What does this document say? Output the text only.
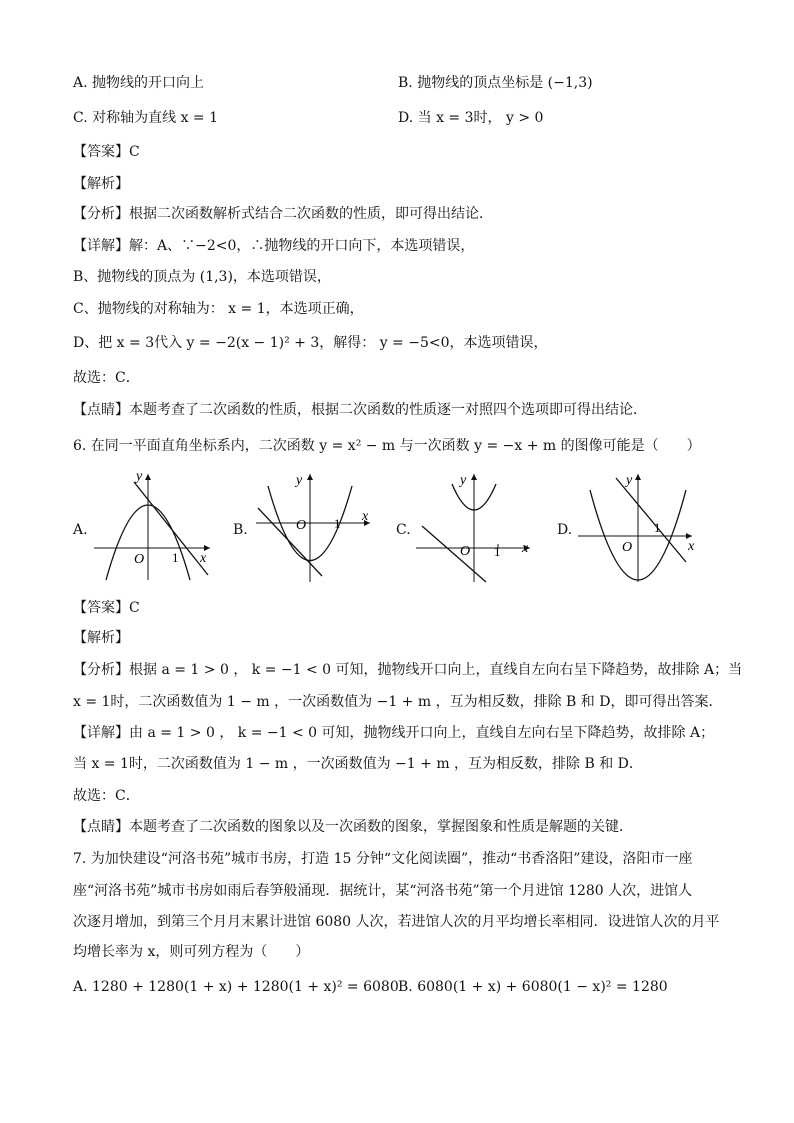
A. 抛物线的开口向上	B. 抛物线的顶点坐标是 (−1,3)
C. 对称轴为直线 x = 1	D. 当 x = 3时， y > 0
【答案】C
【解析】
【分析】根据二次函数解析式结合二次函数的性质，即可得出结论．
【详解】解：A、∵−2<0，∴抛物线的开口向下，本选项错误，
B、抛物线的顶点为 (1,3)，本选项错误，
C、抛物线的对称轴为： x = 1，本选项正确，
D、把 x = 3代入 y = −2(x − 1)² + 3，解得： y = −5<0，本选项错误，
故选：C．
【点睛】本题考查了二次函数的性质，根据二次函数的性质逐一对照四个选项即可得出结论．
6. 在同一平面直角坐标系内，二次函数 y = x² − m 与一次函数 y = −x + m 的图像可能是（　　）
A.	B.	C.	D.
y
x
O 1
y
x
O 1
y
x
O 1
y
x
O
1
【答案】C
【解析】
【分析】根据 a = 1 > 0 ， k = −1 < 0 可知，抛物线开口向上，直线自左向右呈下降趋势，故排除 A；当
x = 1时，二次函数值为 1 − m ，一次函数值为 −1 + m ，互为相反数，排除 B 和 D，即可得出答案．
【详解】由 a = 1 > 0 ， k = −1 < 0 可知，抛物线开口向上，直线自左向右呈下降趋势，故排除 A；
当 x = 1时，二次函数值为 1 − m ，一次函数值为 −1 + m ，互为相反数，排除 B 和 D．
故选：C．
【点睛】本题考查了二次函数的图象以及一次函数的图象，掌握图象和性质是解题的关键．
7. 为加快建设“河洛书苑”城市书房，打造 15 分钟“文化阅读圈”，推动“书香洛阳”建设，洛阳市一座
座“河洛书苑”城市书房如雨后春笋般涌现．据统计，某“河洛书苑”第一个月进馆 1280 人次，进馆人
次逐月增加，到第三个月月末累计进馆 6080 人次，若进馆人次的月平均增长率相同．设进馆人次的月平
均增长率为 x，则可列方程为（　　）
A. 1280 + 1280(1 + x) + 1280(1 + x)² = 6080 B. 6080(1 + x) + 6080(1 − x)² = 1280
